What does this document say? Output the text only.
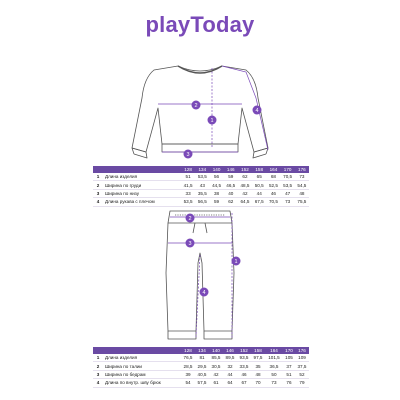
playToday
1
2
3
4
		128	134	140	146	152	158	164	170	176
1	Длина изделия	51	53,5	56	59	62	65	68	70,5	73
2	Ширина по груди	41,5	43	44,5	46,5	48,5	50,5	52,5	53,5	54,5
3	Ширина по низу	33	35,5	38	40	42	44	46	47	48
4	Длина рукава с плечом	53,5	56,5	59	62	64,5	67,5	70,5	73	75,5
1
2
3
4
		128	134	140	146	152	158	164	170	176
1	Длина изделия	76,5	81	85,5	89,5	93,5	97,5	101,5	105	109
2	Ширина по талии	28,5	29,5	30,5	32	33,5	35	36,5	37	37,5
3	Ширина по бедрам	39	40,5	42	44	46	48	50	51	52
4	Длина по внутр. шву брюк	54	57,5	61	64	67	70	73	76	79
